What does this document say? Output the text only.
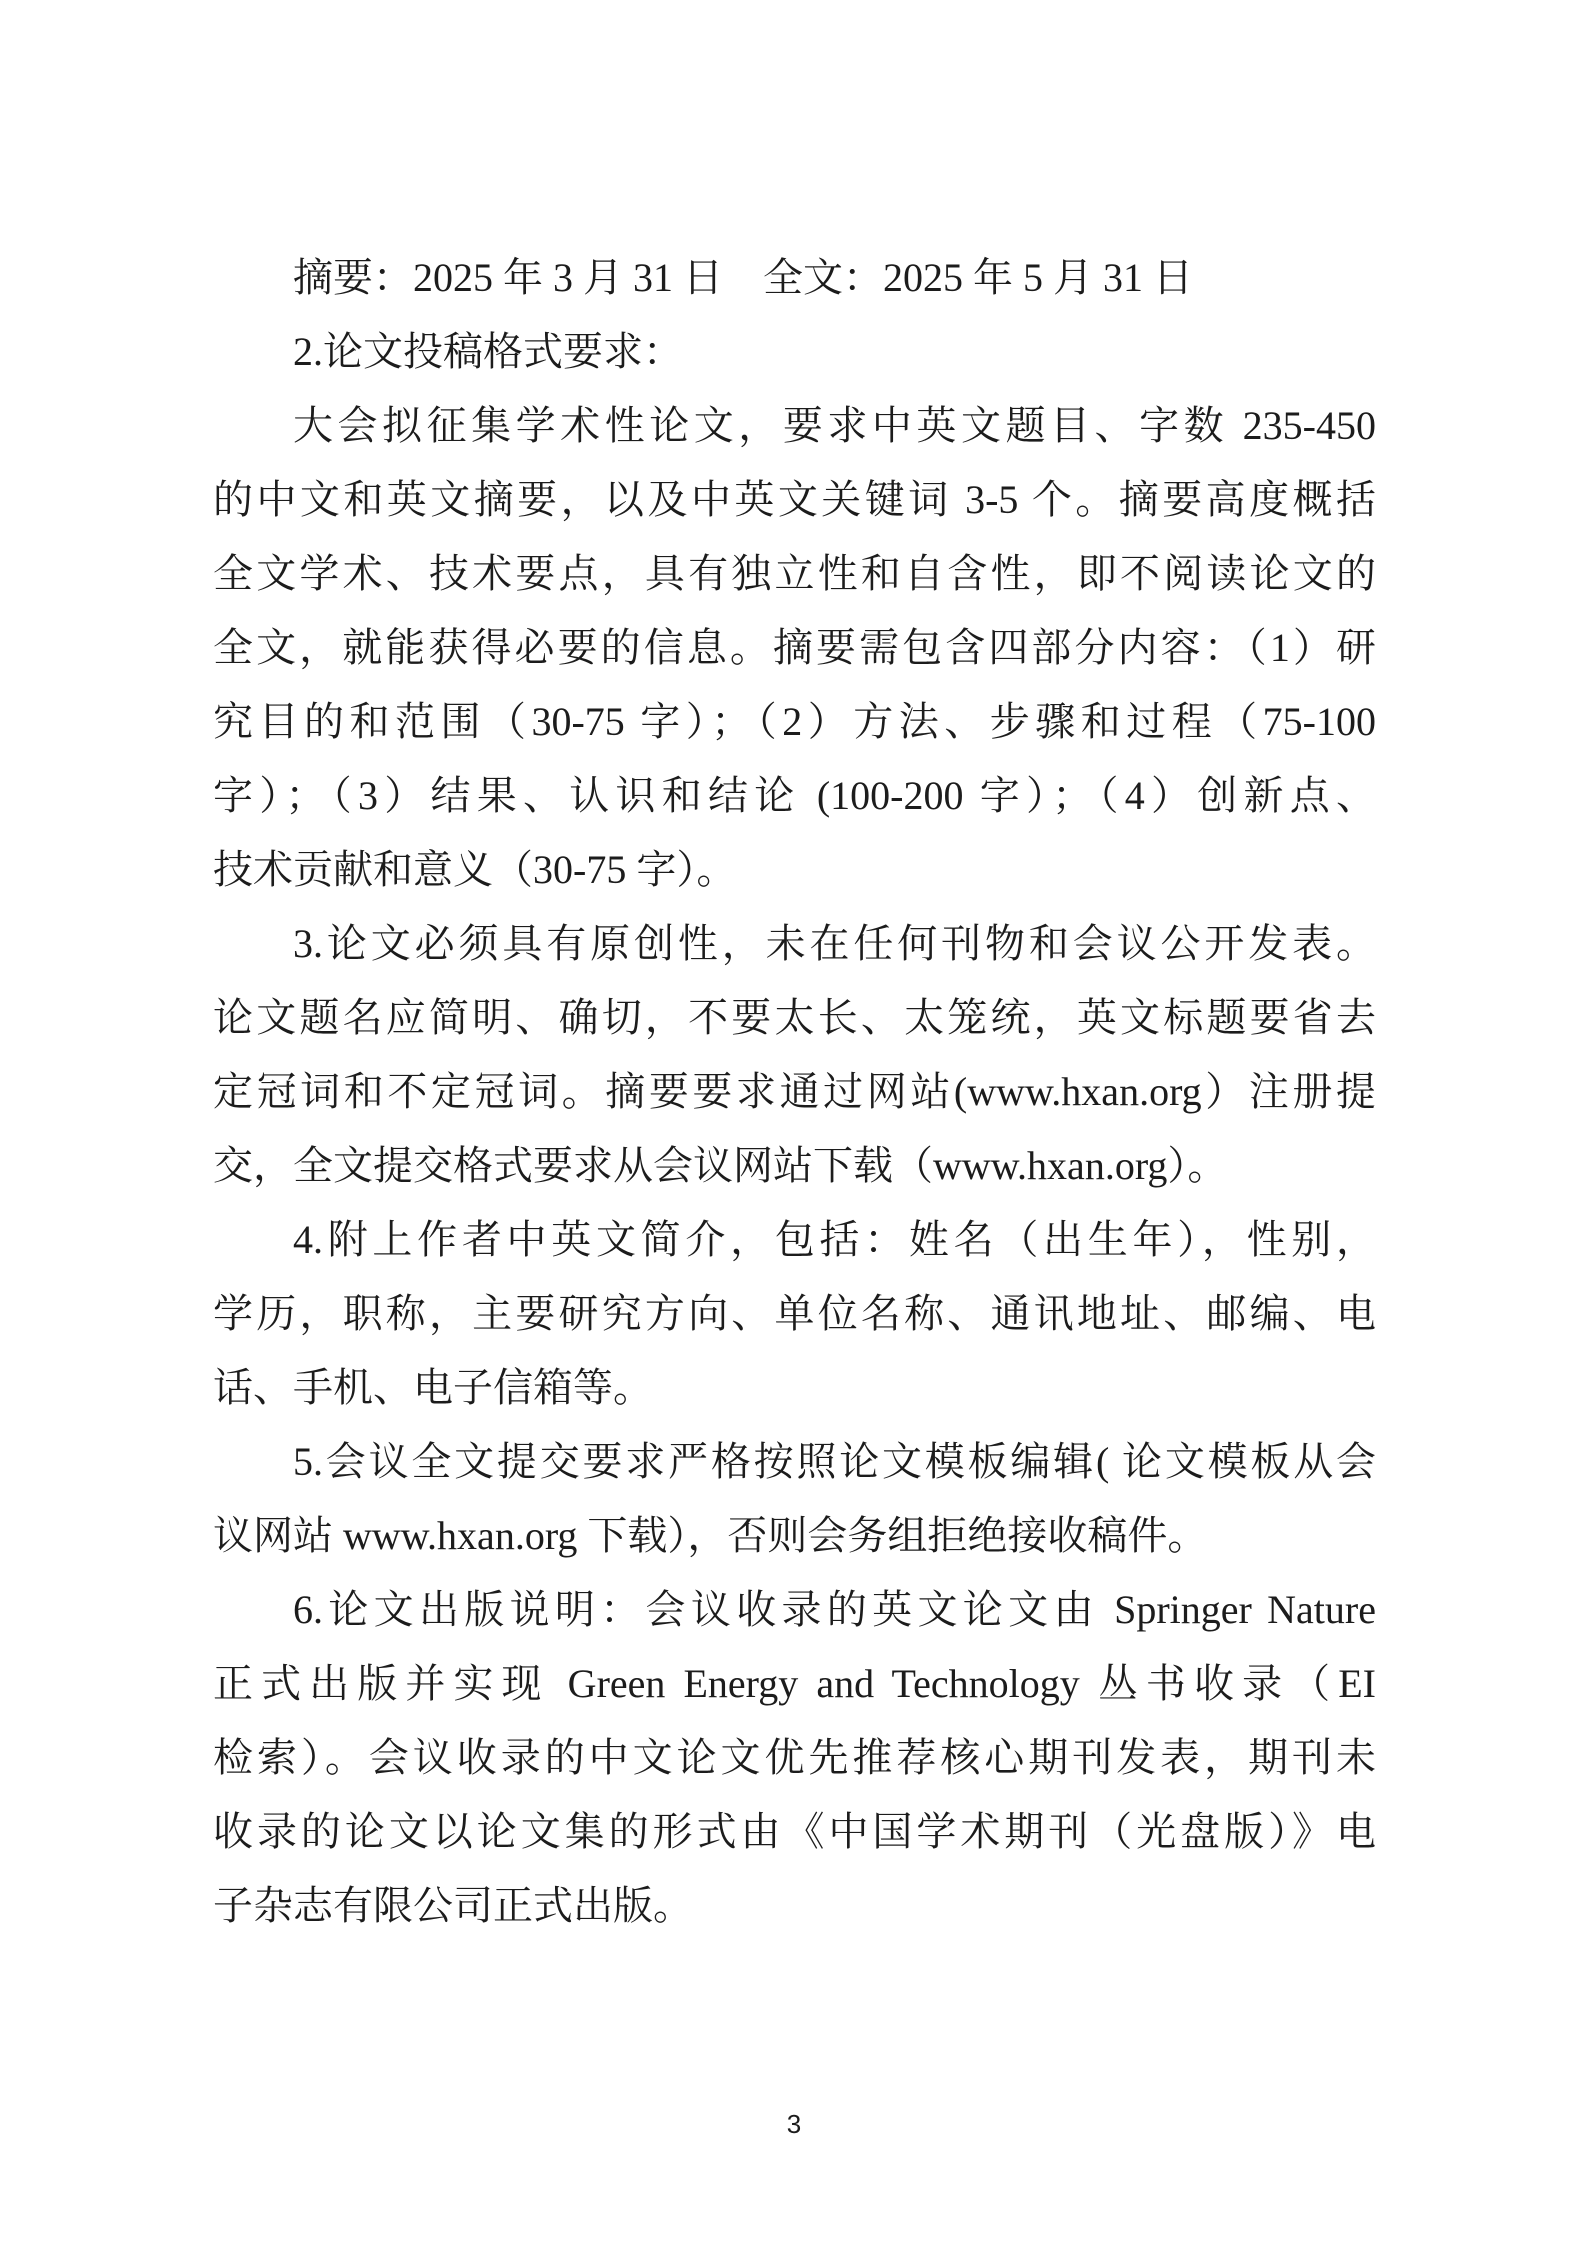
摘要：2025 年 3 月 31 日　全文：2025 年 5 月 31 日
2.论文投稿格式要求：
大会拟征集学术性论文，要求中英文题目、字数 235-450
的中文和英文摘要，以及中英文关键词 3-5 个。摘要高度概括
全文学术、技术要点，具有独立性和自含性，即不阅读论文的
全文，就能获得必要的信息。摘要需包含四部分内容：（1）研
究目的和范围（30-75 字）；（2）方法、步骤和过程（75-100
字）；（3）结果、认识和结论 (100-200 字）；（4）创新点、
技术贡献和意义（30-75 字）。
3.论文必须具有原创性，未在任何刊物和会议公开发表。
论文题名应简明、确切，不要太长、太笼统，英文标题要省去
定冠词和不定冠词。摘要要求通过网站(www.hxan.org）注册提
交，全文提交格式要求从会议网站下载（www.hxan.org）。
4.附上作者中英文简介，包括：姓名（出生年），性别，
学历，职称，主要研究方向、单位名称、通讯地址、邮编、电
话、手机、电子信箱等。
5.会议全文提交要求严格按照论文模板编辑( 论文模板从会
议网站 www.hxan.org 下载），否则会务组拒绝接收稿件。
6.论文出版说明：会议收录的英文论文由 Springer Nature
正式出版并实现 Green Energy and Technology 丛书收录（EI
检索）。会议收录的中文论文优先推荐核心期刊发表，期刊未
收录的论文以论文集的形式由《中国学术期刊（光盘版）》电
子杂志有限公司正式出版。
3
